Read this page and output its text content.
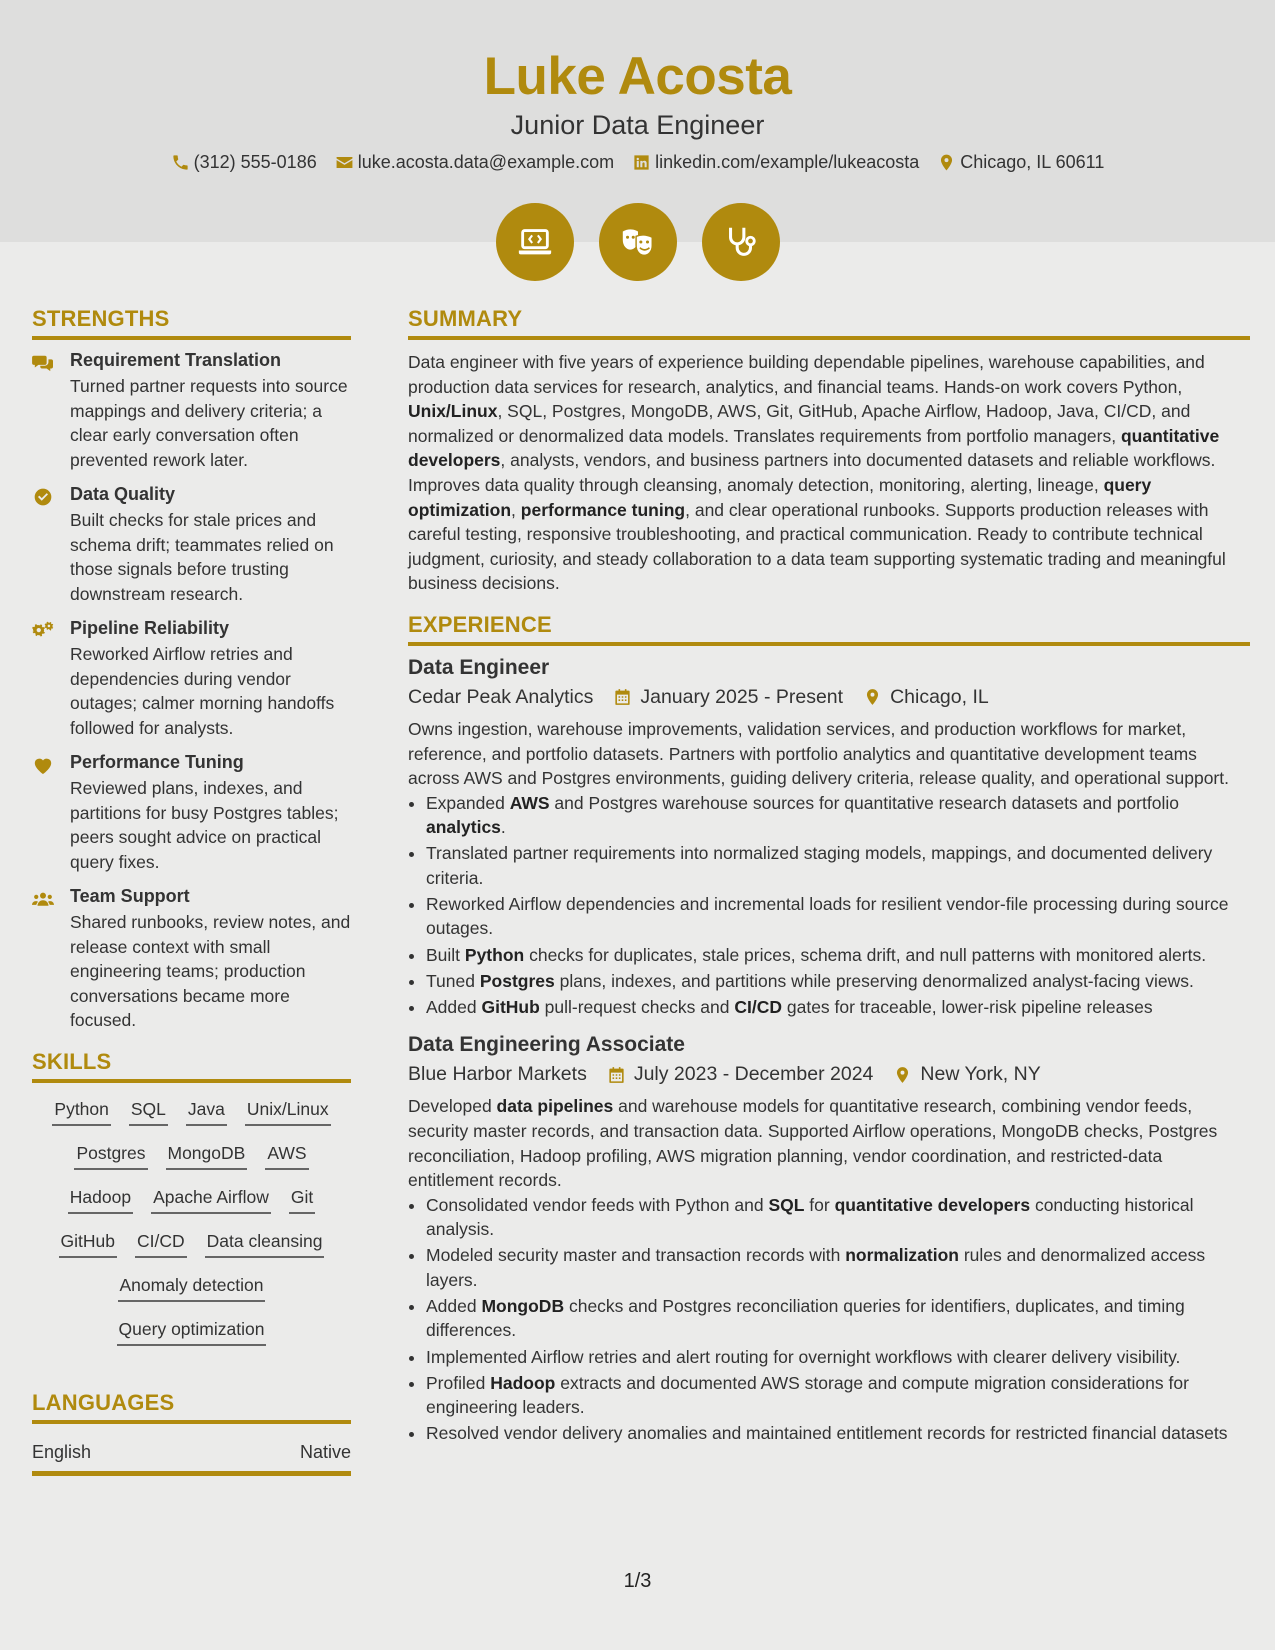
Luke Acosta
Junior Data Engineer
(312) 555-0186 luke.acosta.data@example.com linkedin.com/example/lukeacosta Chicago, IL 60611
STRENGTHS
Requirement Translation
Turned partner requests into source mappings and delivery criteria; a clear early conversation often prevented rework later.
Data Quality
Built checks for stale prices and schema drift; teammates relied on those signals before trusting downstream research.
Pipeline Reliability
Reworked Airflow retries and dependencies during vendor outages; calmer morning handoffs followed for analysts.
Performance Tuning
Reviewed plans, indexes, and partitions for busy Postgres tables; peers sought advice on practical query fixes.
Team Support
Shared runbooks, review notes, and release context with small engineering teams; production conversations became more focused.
SKILLS
Python SQL Java Unix/Linux
Postgres MongoDB AWS
Hadoop Apache Airflow Git
GitHub CI/CD Data cleansing
Anomaly detection
Query optimization
LANGUAGES
English	Native
SUMMARY
Data engineer with five years of experience building dependable pipelines, warehouse capabilities, and production data services for research, analytics, and financial teams. Hands-on work covers Python, Unix/Linux, SQL, Postgres, MongoDB, AWS, Git, GitHub, Apache Airflow, Hadoop, Java, CI/CD, and normalized or denormalized data models. Translates requirements from portfolio managers, quantitative developers, analysts, vendors, and business partners into documented datasets and reliable workflows. Improves data quality through cleansing, anomaly detection, monitoring, alerting, lineage, query optimization, performance tuning, and clear operational runbooks. Supports production releases with careful testing, responsive troubleshooting, and practical communication. Ready to contribute technical judgment, curiosity, and steady collaboration to a data team supporting systematic trading and meaningful business decisions.
EXPERIENCE
Data Engineer
Cedar Peak Analytics January 2025 - Present Chicago, IL
Owns ingestion, warehouse improvements, validation services, and production workflows for market, reference, and portfolio datasets. Partners with portfolio analytics and quantitative development teams across AWS and Postgres environments, guiding delivery criteria, release quality, and operational support.
• Expanded AWS and Postgres warehouse sources for quantitative research datasets and portfolio analytics.
• Translated partner requirements into normalized staging models, mappings, and documented delivery criteria.
• Reworked Airflow dependencies and incremental loads for resilient vendor-file processing during source outages.
• Built Python checks for duplicates, stale prices, schema drift, and null patterns with monitored alerts.
• Tuned Postgres plans, indexes, and partitions while preserving denormalized analyst-facing views.
• Added GitHub pull-request checks and CI/CD gates for traceable, lower-risk pipeline releases
Data Engineering Associate
Blue Harbor Markets July 2023 - December 2024 New York, NY
Developed data pipelines and warehouse models for quantitative research, combining vendor feeds, security master records, and transaction data. Supported Airflow operations, MongoDB checks, Postgres reconciliation, Hadoop profiling, AWS migration planning, vendor coordination, and restricted-data entitlement records.
• Consolidated vendor feeds with Python and SQL for quantitative developers conducting historical analysis.
• Modeled security master and transaction records with normalization rules and denormalized access layers.
• Added MongoDB checks and Postgres reconciliation queries for identifiers, duplicates, and timing differences.
• Implemented Airflow retries and alert routing for overnight workflows with clearer delivery visibility.
• Profiled Hadoop extracts and documented AWS storage and compute migration considerations for engineering leaders.
• Resolved vendor delivery anomalies and maintained entitlement records for restricted financial datasets
1/3
